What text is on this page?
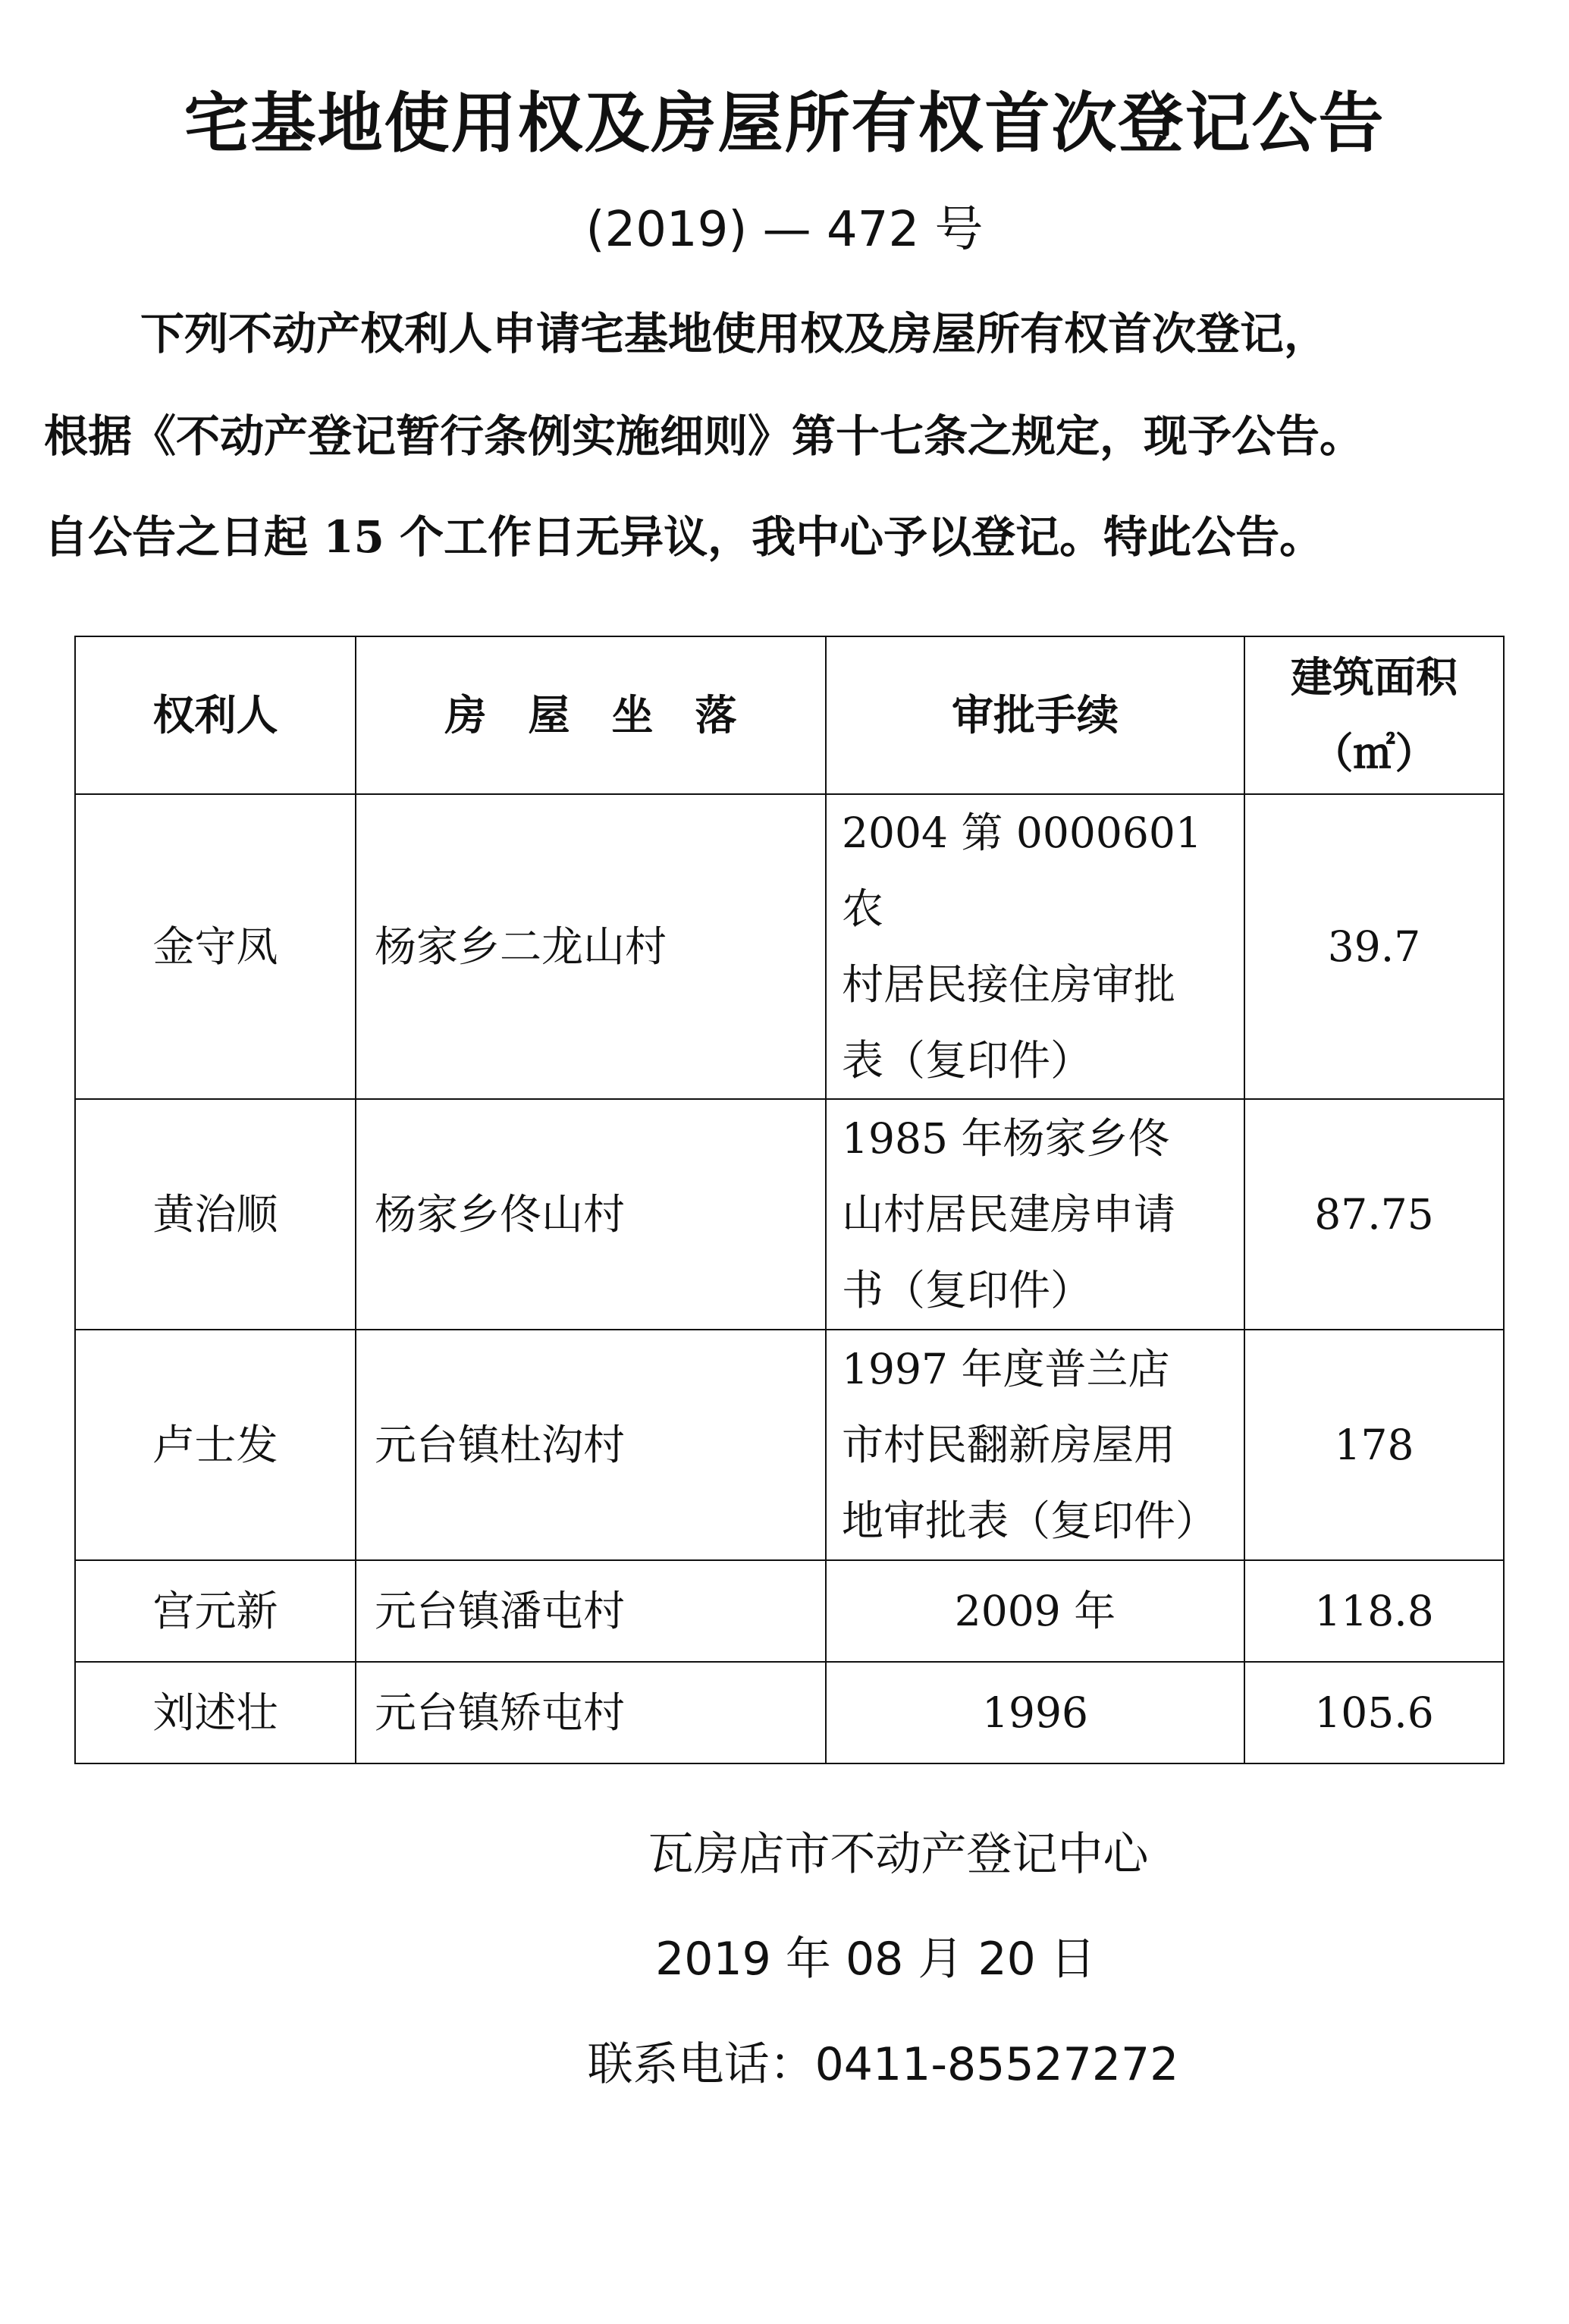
宅基地使用权及房屋所有权首次登记公告
(2019) — 472 号
下列不动产权利人申请宅基地使用权及房屋所有权首次登记，
根据《不动产登记暂行条例实施细则》第十七条之规定，现予公告。
自公告之日起 15 个工作日无异议，我中心予以登记。特此公告。
权利人	房　屋　坐　落	审批手续	建筑面积
（㎡）

金守凤	杨家乡二龙山村	2004 第 0000601 农
村居民接住房审批
表（复印件）	39.7
黄治顺	杨家乡佟山村	1985 年杨家乡佟
山村居民建房申请
书（复印件）	87.75
卢士发	元台镇杜沟村	1997 年度普兰店
市村民翻新房屋用
地审批表（复印件）	178
宫元新	元台镇潘屯村	2009 年	118.8
刘述壮	元台镇矫屯村	1996	105.6
瓦房店市不动产登记中心
2019 年 08 月 20 日
联系电话：0411-85527272
